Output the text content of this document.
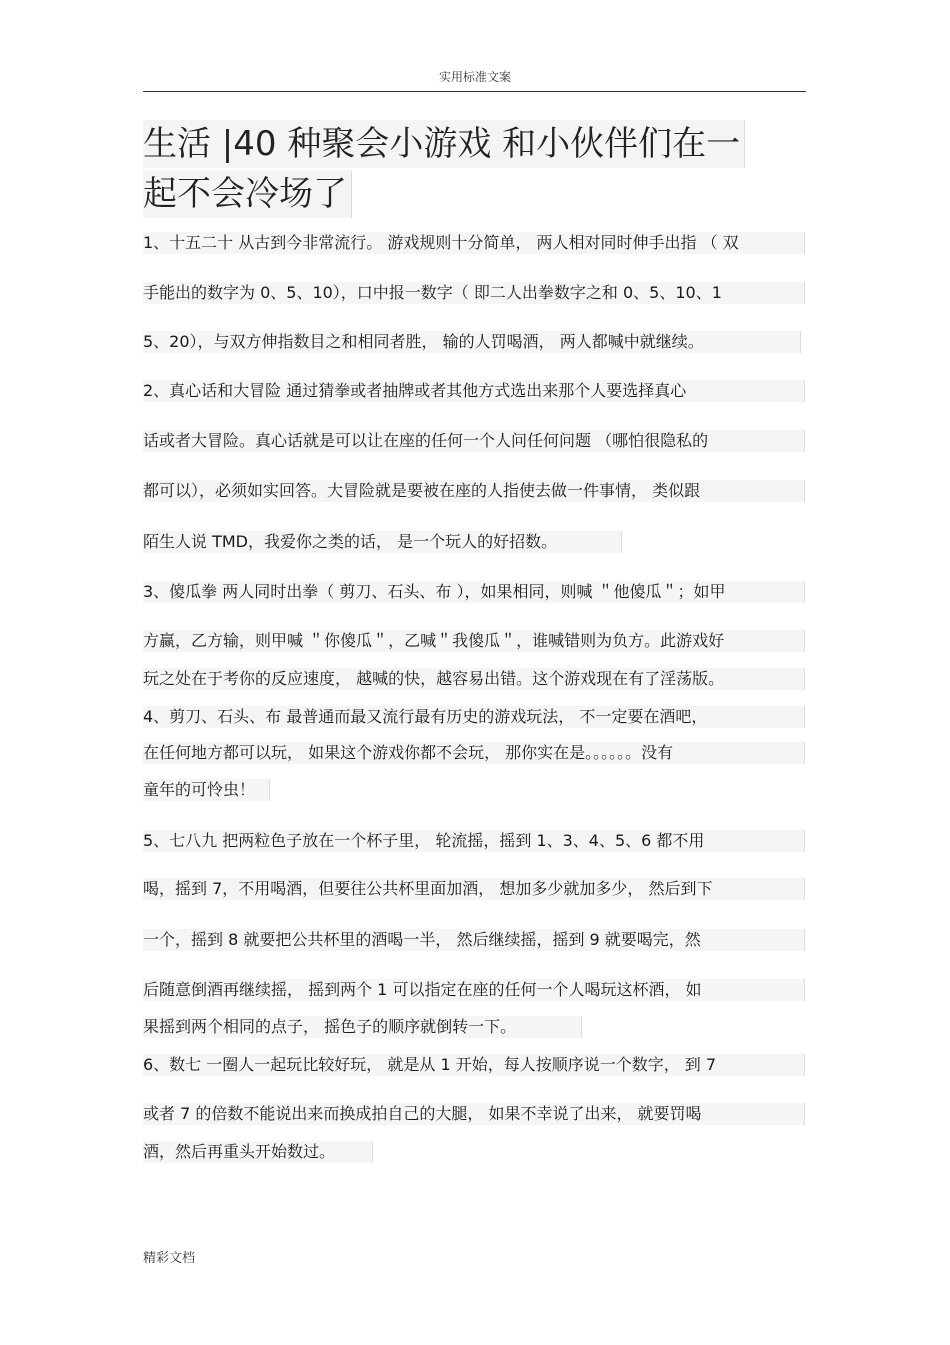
实用标准文案
生活 |40 种聚会小游戏 和小伙伴们在一
起不会冷场了
1、十五二十 从古到今非常流行。 游戏规则十分简单， 两人相对同时伸手出指 （ 双
手能出的数字为 0、5、10），口中报一数字（ 即二人出拳数字之和 0、5、10、1
5、20），与双方伸指数目之和相同者胜， 输的人罚喝酒， 两人都喊中就继续。
2、真心话和大冒险 通过猜拳或者抽牌或者其他方式选出来那个人要选择真心
话或者大冒险。真心话就是可以让在座的任何一个人问任何问题 （哪怕很隐私的
都可以），必须如实回答。大冒险就是要被在座的人指使去做一件事情， 类似跟
陌生人说 TMD，我爱你之类的话， 是一个玩人的好招数。
3、傻瓜拳 两人同时出拳（ 剪刀、石头、布 ），如果相同，则喊 ＂他傻瓜＂；如甲
方赢，乙方输，则甲喊 ＂你傻瓜＂，乙喊＂我傻瓜＂，谁喊错则为负方。此游戏好
玩之处在于考你的反应速度， 越喊的快，越容易出错。这个游戏现在有了淫荡版。
4、剪刀、石头、布 最普通而最又流行最有历史的游戏玩法， 不一定要在酒吧，
在任何地方都可以玩， 如果这个游戏你都不会玩， 那你实在是。。。。。。没有
童年的可怜虫！
5、七八九 把两粒色子放在一个杯子里， 轮流摇，摇到 1、3、4、5、6 都不用
喝，摇到 7，不用喝酒，但要往公共杯里面加酒， 想加多少就加多少， 然后到下
一个，摇到 8 就要把公共杯里的酒喝一半， 然后继续摇，摇到 9 就要喝完，然
后随意倒酒再继续摇， 摇到两个 1 可以指定在座的任何一个人喝玩这杯酒， 如
果摇到两个相同的点子， 摇色子的顺序就倒转一下。
6、数七 一圈人一起玩比较好玩， 就是从 1 开始，每人按顺序说一个数字， 到 7
或者 7 的倍数不能说出来而换成拍自己的大腿， 如果不幸说了出来， 就要罚喝
酒，然后再重头开始数过。
精彩文档
